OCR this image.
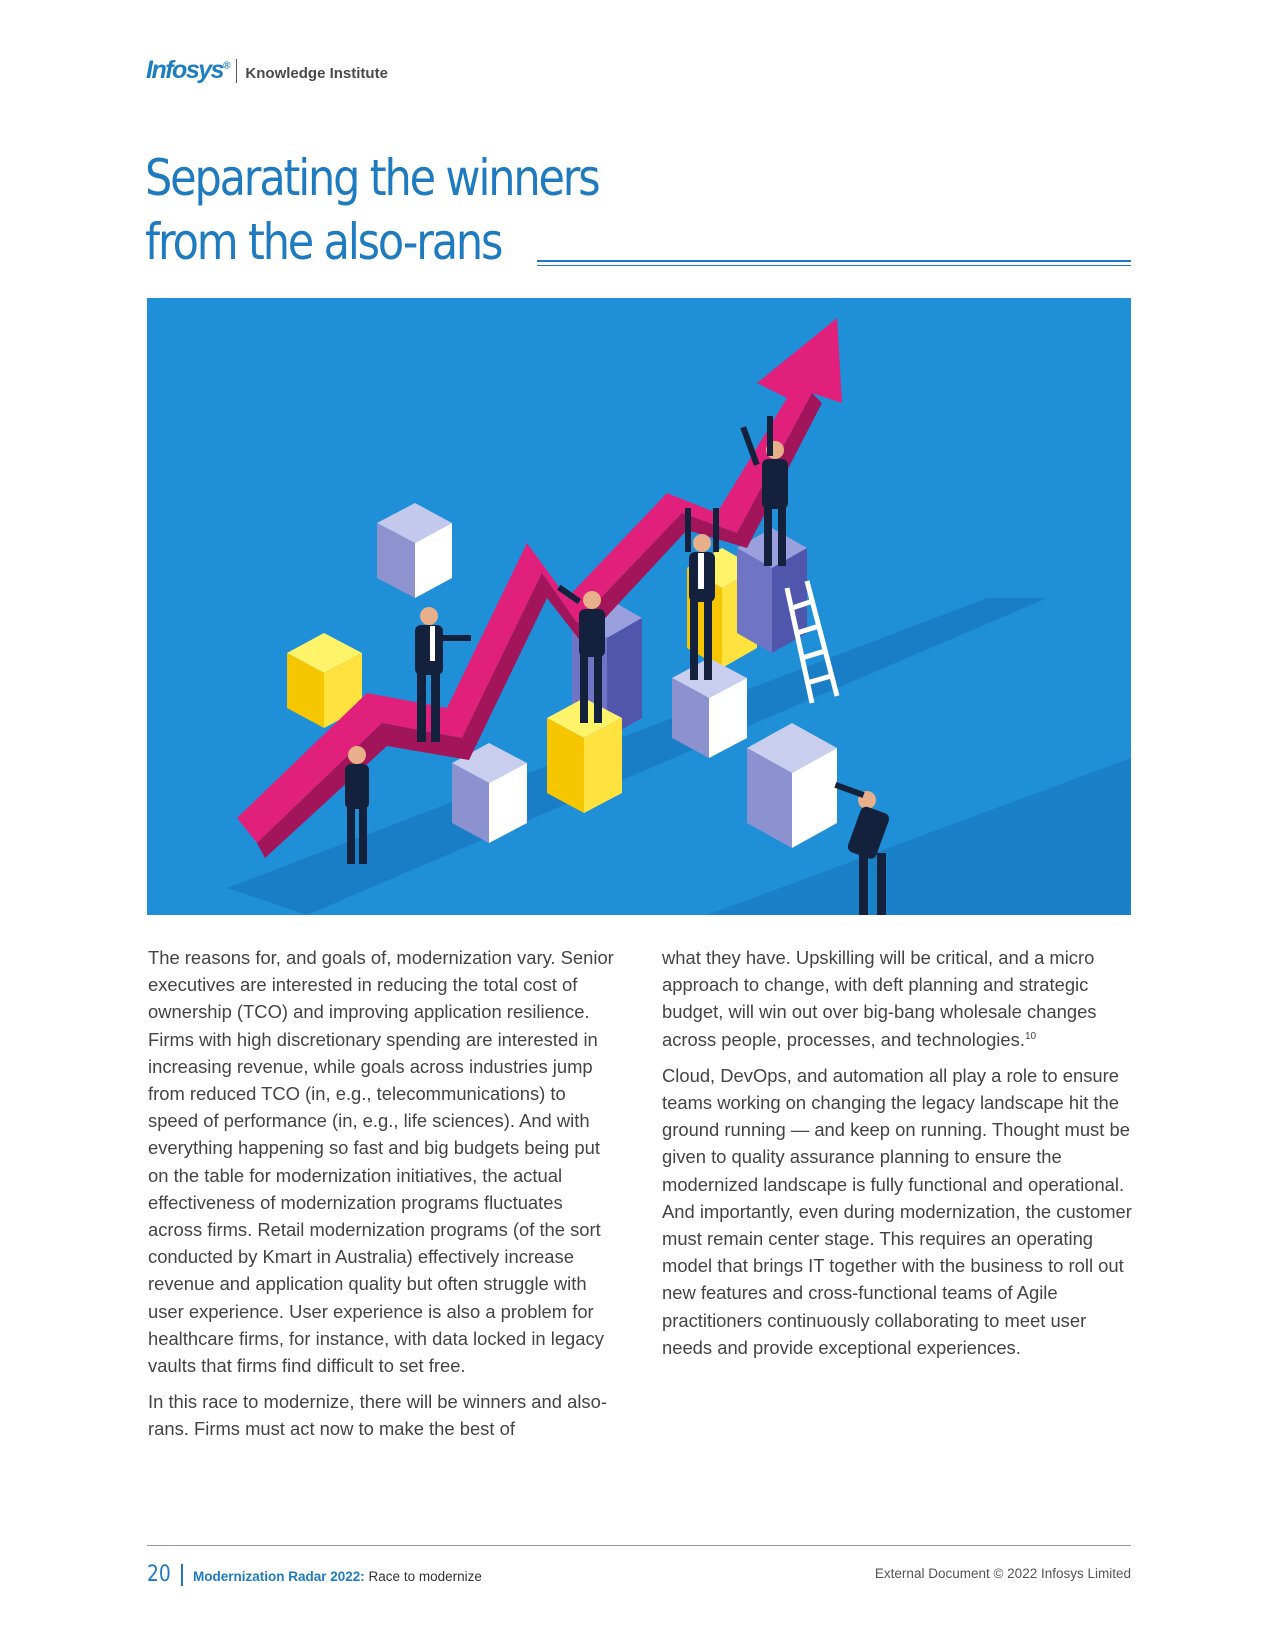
Infosys® Knowledge Institute
Separating the winners
from the also-rans

The reasons for, and goals of, modernization vary. Senior executives are interested in reducing the total cost of ownership (TCO) and improving application resilience. Firms with high discretionary spending are interested in increasing revenue, while goals across industries jump from reduced TCO (in, e.g., telecommunications) to speed of performance (in, e.g., life sciences). And with everything happening so fast and big budgets being put on the table for modernization initiatives, the actual effectiveness of modernization programs fluctuates across firms. Retail modernization programs (of the sort conducted by Kmart in Australia) effectively increase revenue and application quality but often struggle with user experience. User experience is also a problem for healthcare firms, for instance, with data locked in legacy vaults that firms find difficult to set free.

In this race to modernize, there will be winners and also-rans. Firms must act now to make the best of

what they have. Upskilling will be critical, and a micro approach to change, with deft planning and strategic budget, will win out over big-bang wholesale changes across people, processes, and technologies.$^{10}$

Cloud, DevOps, and automation all play a role to ensure teams working on changing the legacy landscape hit the ground running — and keep on running. Thought must be given to quality assurance planning to ensure the modernized landscape is fully functional and operational. And importantly, even during modernization, the customer must remain center stage. This requires an operating model that brings IT together with the business to roll out new features and cross-functional teams of Agile practitioners continuously collaborating to meet user needs and provide exceptional experiences.

20 Modernization Radar 2022: Race to modernize	External Document © 2022 Infosys Limited
